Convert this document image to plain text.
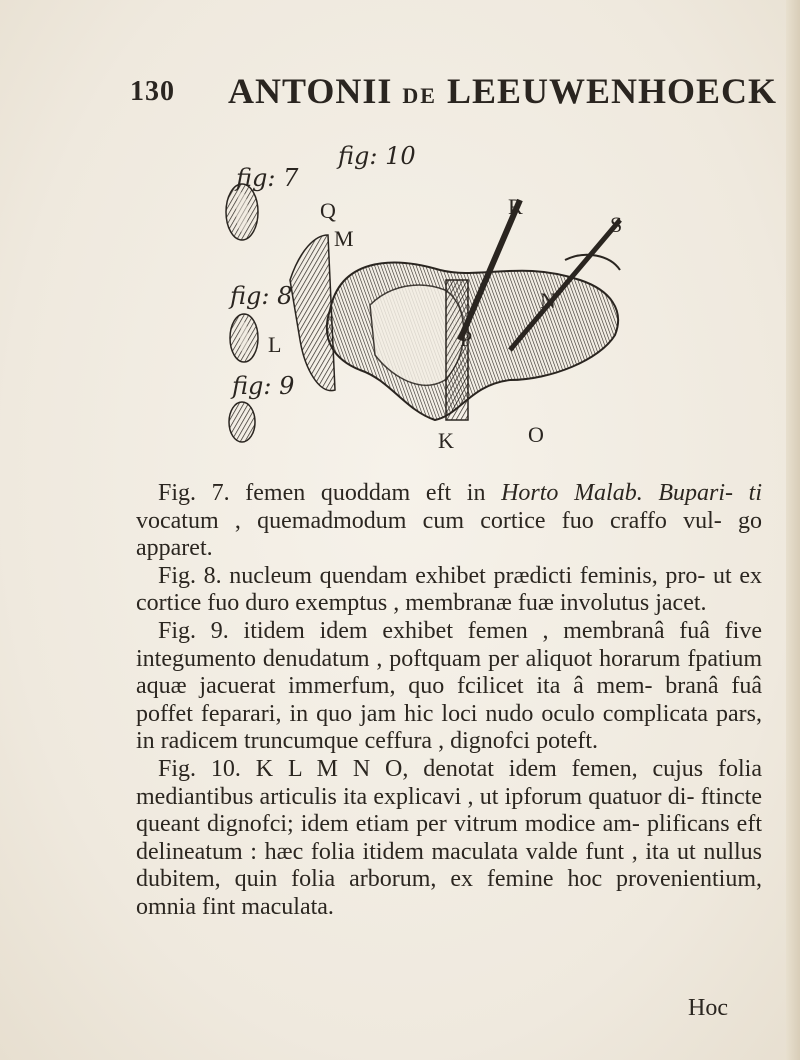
130 ANTONII DE LEEUWENHOECK
fig: 7
fig: 8
fig: 9
fig: 10
Q	R
S
M
N
L	P
K	O

Fig. 7. femen quoddam eft in Horto Malab. Bupari- ti vocatum , quemadmodum cum cortice fuo craffo vul- go apparet.

Fig. 8. nucleum quendam exhibet prædicti feminis, pro- ut ex cortice fuo duro exemptus , membranæ fuæ involutus jacet.

Fig. 9. itidem idem exhibet femen , membranâ fuâ five integumento denudatum , poftquam per aliquot horarum fpatium aquæ jacuerat immerfum, quo fcilicet ita â mem- branâ fuâ poffet feparari, in quo jam hic loci nudo oculo complicata pars, in radicem truncumque ceffura , dignofci poteft.

Fig. 10. K L M N O, denotat idem femen, cujus folia mediantibus articulis ita explicavi , ut ipforum quatuor di- ftincte queant dignofci; idem etiam per vitrum modice am- plificans eft delineatum : hæc folia itidem maculata valde funt , ita ut nullus dubitem, quin folia arborum, ex femine hoc provenientium, omnia fint maculata.

Hoc
